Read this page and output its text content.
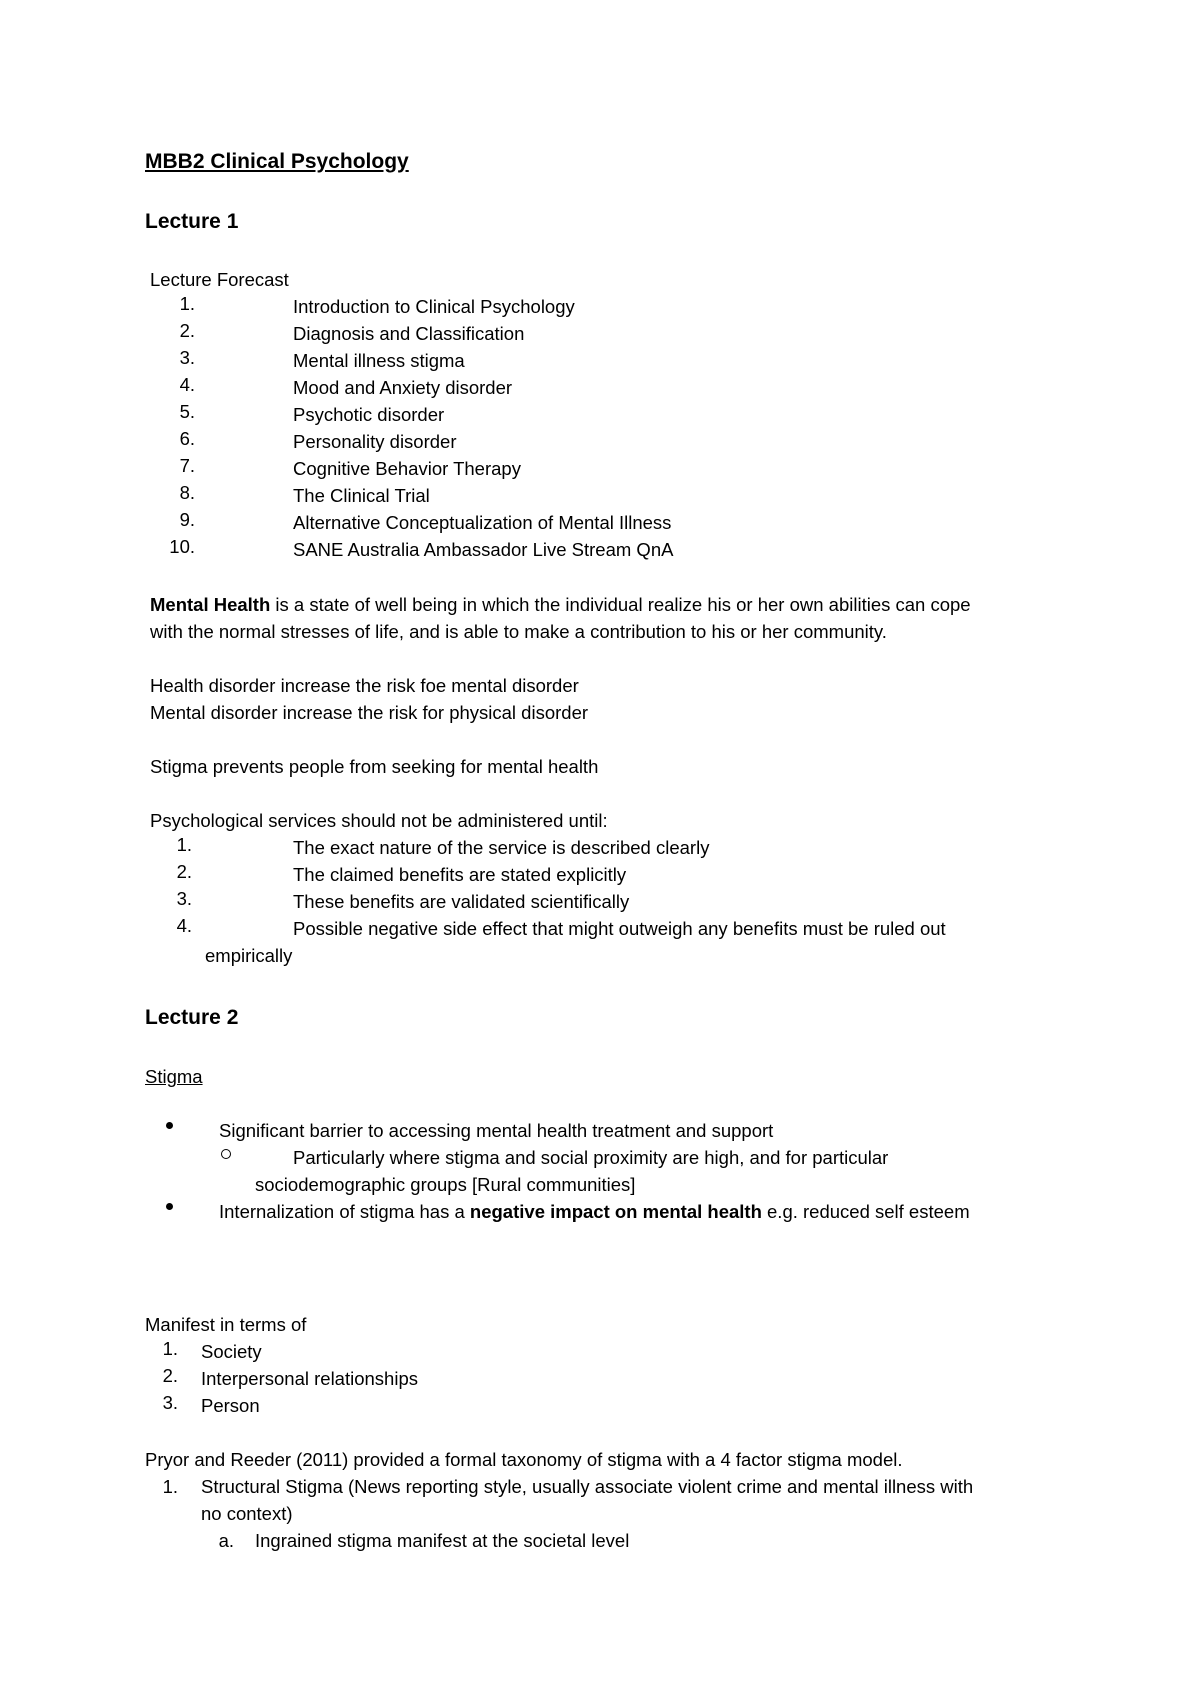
MBB2 Clinical Psychology
Lecture 1
Lecture Forecast
1.	Introduction to Clinical Psychology
2.	Diagnosis and Classification
3.	Mental illness stigma
4.	Mood and Anxiety disorder
5.	Psychotic disorder
6.	Personality disorder
7.	Cognitive Behavior Therapy
8.	The Clinical Trial
9.	Alternative Conceptualization of Mental Illness
10.	SANE Australia Ambassador Live Stream QnA
Mental Health is a state of well being in which the individual realize his or her own abilities can cope
with the normal stresses of life, and is able to make a contribution to his or her community.
Health disorder increase the risk foe mental disorder
Mental disorder increase the risk for physical disorder
Stigma prevents people from seeking for mental health
Psychological services should not be administered until:
1.	The exact nature of the service is described clearly
2.	The claimed benefits are stated explicitly
3.	These benefits are validated scientifically
4.	Possible negative side effect that might outweigh any benefits must be ruled out
empirically
Lecture 2
Stigma
Significant barrier to accessing mental health treatment and support
Particularly where stigma and social proximity are high, and for particular
sociodemographic groups [Rural communities]
Internalization of stigma has a negative impact on mental health e.g. reduced self esteem
Manifest in terms of
1. Society
2. Interpersonal relationships
3. Person
Pryor and Reeder (2011) provided a formal taxonomy of stigma with a 4 factor stigma model.
1. Structural Stigma (News reporting style, usually associate violent crime and mental illness with
no context)
a. Ingrained stigma manifest at the societal level
